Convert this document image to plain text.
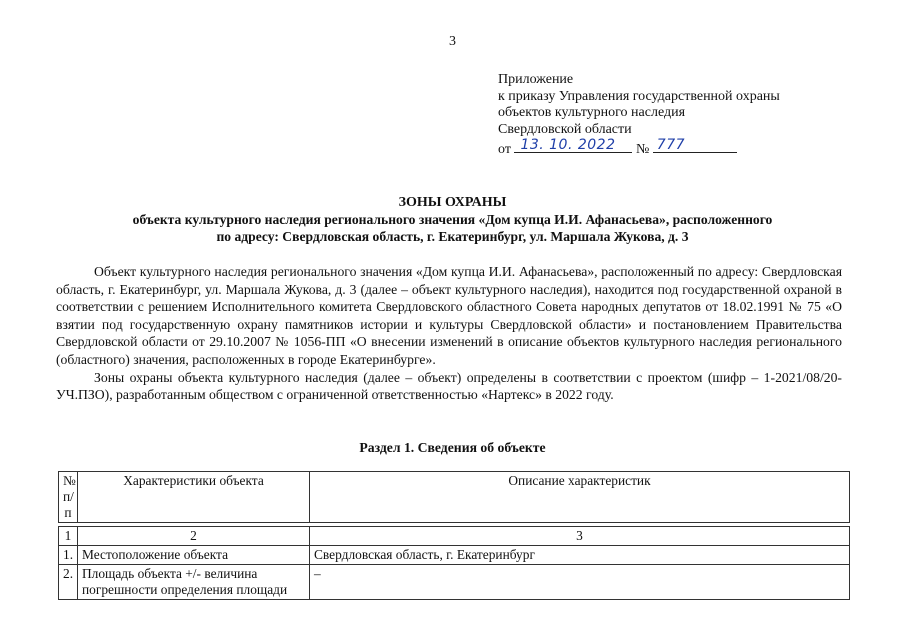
3
Приложение
к приказу Управления государственной охраны
объектов культурного наследия
Свердловской области
от 13. 10. 2022 № 777
ЗОНЫ ОХРАНЫ
объекта культурного наследия регионального значения «Дом купца И.И. Афанасьева», расположенного
по адресу: Свердловская область, г. Екатеринбург, ул. Маршала Жукова, д. 3

Объект культурного наследия регионального значения «Дом купца И.И. Афанасьева», расположенный по адресу: Свердловская область, г. Екатеринбург, ул. Маршала Жукова, д. 3 (далее – объект культурного наследия), находится под государственной охраной в соответствии с решением Исполнительного комитета Свердловского областного Совета народных депутатов от 18.02.1991 № 75 «О взятии под государственную охрану памятников истории и культуры Свердловской области» и постановлением Правительства Свердловской области от 29.10.2007 № 1056-ПП «О внесении изменений в описание объектов культурного наследия регионального (областного) значения, расположенных в городе Екатеринбурге».

Зоны охраны объекта культурного наследия (далее – объект) определены в соответствии с проектом (шифр – 1-2021/08/20-УЧ.ПЗО), разработанным обществом с ограниченной ответственностью «Нартекс» в 2022 году.

Раздел 1. Сведения об объекте
№ п/п	Характеристики объекта	Описание характеристик

1	2	3
1.	Местоположение объекта	Свердловская область, г. Екатеринбург
2.	Площадь объекта +/- величина погрешности определения площади	–
